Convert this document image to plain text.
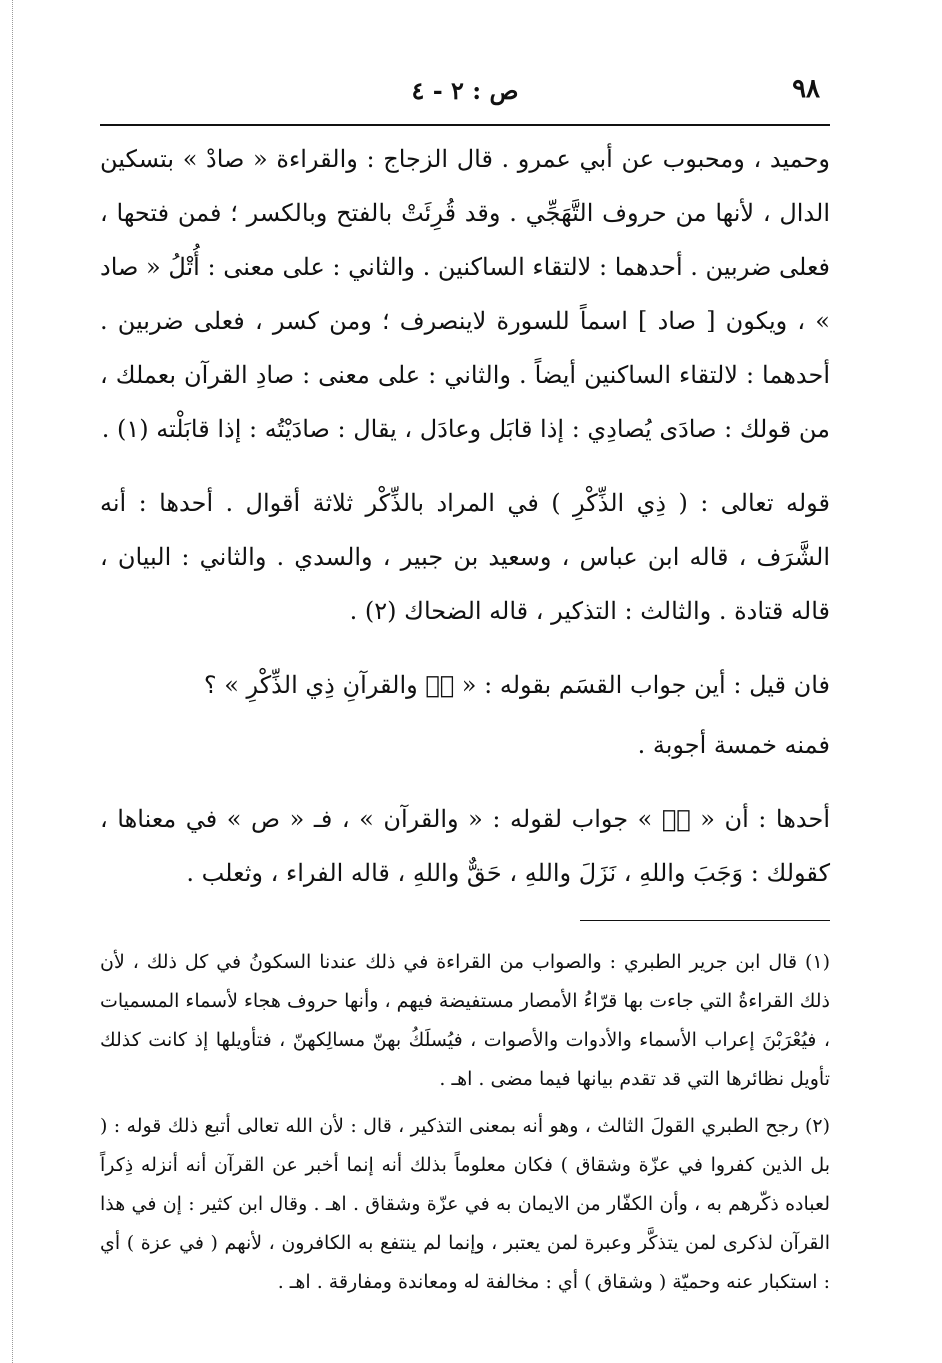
٩٨
ص : ٢ - ٤

وحميد ، ومحبوب عن أبي عمرو . قال الزجاج : والقراءة « صادْ » بتسكين الدال ، لأنها من حروف التَّهَجِّي . وقد قُرِئَتْ بالفتح وبالكسر ؛ فمن فتحها ، فعلى ضربين . أحدهما : لالتقاء الساكنين . والثاني : على معنى : أُتْلُ « صاد » ، ويكون [ صاد ] اسماً للسورة لاينصرف ؛ ومن كسر ، فعلى ضربين . أحدهما : لالتقاء الساكنين أيضاً . والثاني : على معنى : صادِ القرآن بعملك ، من قولك : صادَى يُصادِي : إذا قابَل وعادَل ، يقال : صادَيْتُه : إذا قابَلْته (١) .

قوله تعالى : ( ذِي الذِّكْرِ ) في المراد بالذِّكْر ثلاثة أقوال . أحدها : أنه الشَّرَف ، قاله ابن عباس ، وسعيد بن جبير ، والسدي . والثاني : البيان ، قاله قتادة . والثالث : التذكير ، قاله الضحاك (٢) .

فان قيل : أين جواب القسَم بقوله : « صۤ والقرآنِ ذِي الذِّكْرِ » ؟

فمنه خمسة أجوبة .

أحدها : أن « صۤ » جواب لقوله : « والقرآن » ، فـ « ص » في معناها ، كقولك : وَجَبَ واللهِ ، نَزَلَ واللهِ ، حَقٌّ واللهِ ، قاله الفراء ، وثعلب .

(١) قال ابن جرير الطبري : والصواب من القراءة في ذلك عندنا السكونُ في كل ذلك ، لأن ذلك القراءةُ التي جاءت بها قرّاءُ الأمصار مستفيضة فيهم ، وأنها حروف هجاء لأسماء المسميات ، فيُعْرَبْنَ إعراب الأسماء والأدوات والأصوات ، فيُسلَكُ بهنّ مسالِكهنّ ، فتأويلها إذ كانت كذلك تأويل نظائرها التي قد تقدم بيانها فيما مضى . اهـ .

(٢) رجح الطبري القولَ الثالث ، وهو أنه بمعنى التذكير ، قال : لأن الله تعالى أتبع ذلك قوله : ( بل الذين كفروا في عزّة وشقاق ) فكان معلوماً بذلك أنه إنما أخبر عن القرآن أنه أنزله ذِكراً لعباده ذكّرهم به ، وأن الكفّار من الايمان به في عزّة وشقاق . اهـ . وقال ابن كثير : إن في هذا القرآن لذكرى لمن يتذكَّر وعبرة لمن يعتبر ، وإنما لم ينتفع به الكافرون ، لأنهم ( في عزة ) أي : استكبار عنه وحميّة ( وشقاق ) أي : مخالفة له ومعاندة ومفارقة . اهـ .
